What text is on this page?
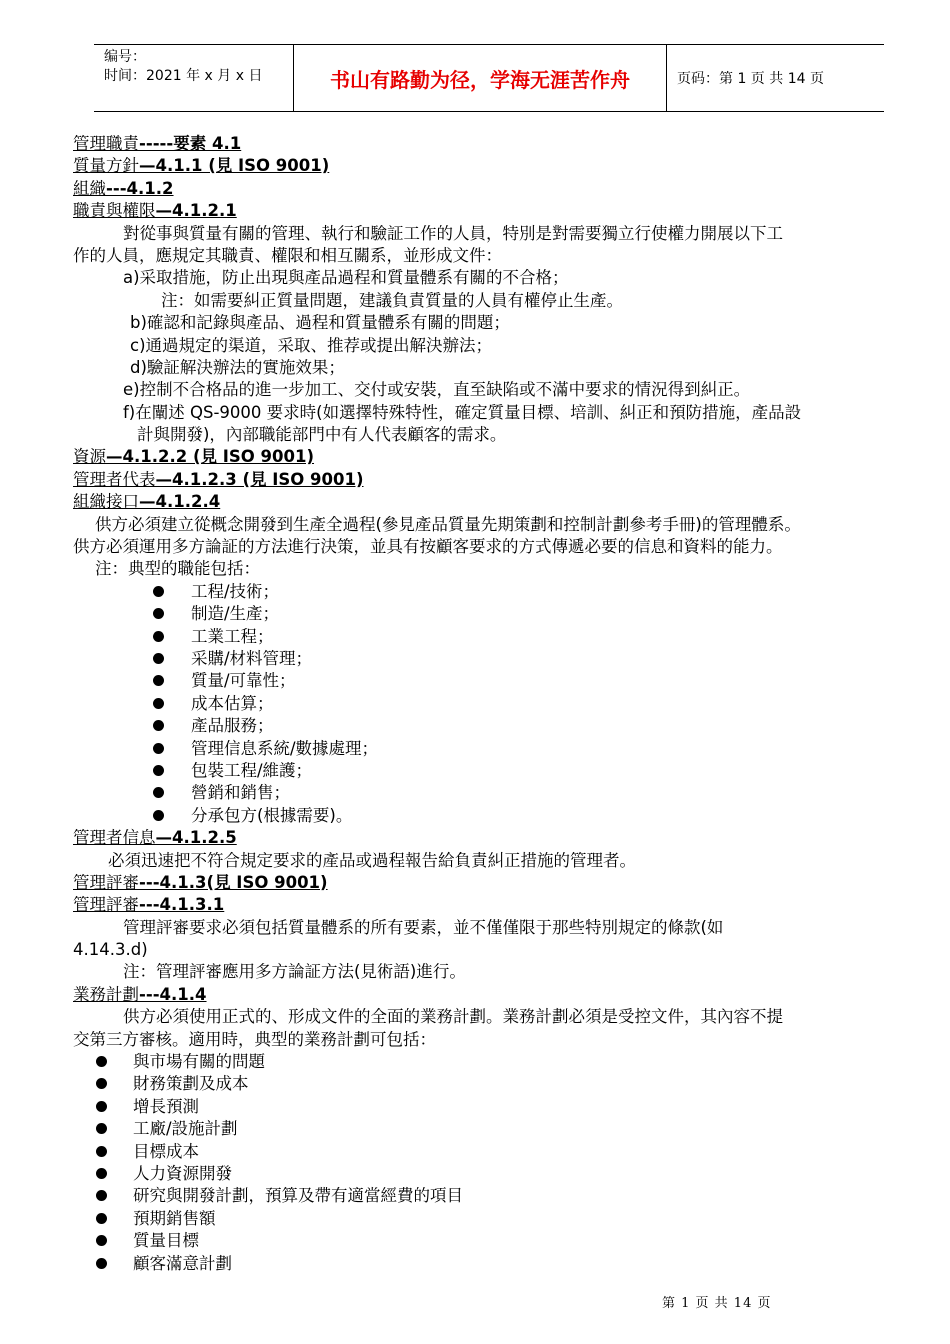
编号：
时间：2021 年 x 月 x 日	书山有路勤为径，学海无涯苦作舟	页码：第 1 页 共 14 页
管理職責-----要素 4.1
質量方針—4.1.1 (見 ISO 9001)
組織---4.1.2
職責與權限—4.1.2.1
對從事與質量有關的管理、執行和驗証工作的人員，特別是對需要獨立行使權力開展以下工
作的人員，應規定其職責、權限和相互關系，並形成文件：
a)采取措施，防止出現與產品過程和質量體系有關的不合格；
注：如需要糾正質量問題，建議負責質量的人員有權停止生產。
b)確認和記錄與產品、過程和質量體系有關的問題；
c)通過規定的渠道，采取、推荐或提出解決辦法；
d)驗証解決辦法的實施效果；
e)控制不合格品的進一步加工、交付或安裝，直至缺陷或不滿中要求的情況得到糾正。
f)在闡述 QS-9000 要求時(如選擇特殊特性，確定質量目標、培訓、糾正和預防措施，產品設
計與開發)，內部職能部門中有人代表顧客的需求。
資源—4.1.2.2 (見 ISO 9001)
管理者代表—4.1.2.3 (見 ISO 9001)
組織接口—4.1.2.4
供方必須建立從概念開發到生產全過程(參見產品質量先期策劃和控制計劃參考手冊)的管理體系。
供方必須運用多方論証的方法進行決策，並具有按顧客要求的方式傳遞必要的信息和資料的能力。
注：典型的職能包括：
工程/技術；
制造/生產；
工業工程；
采購/材料管理；
質量/可靠性；
成本估算；
產品服務；
管理信息系統/數據處理；
包裝工程/維護；
營銷和銷售；
分承包方(根據需要)。
管理者信息—4.1.2.5
必須迅速把不符合規定要求的產品或過程報告給負責糾正措施的管理者。
管理評審---4.1.3(見 ISO 9001)
管理評審---4.1.3.1
管理評審要求必須包括質量體系的所有要素，並不僅僅限于那些特別規定的條款(如
4.14.3.d)
注：管理評審應用多方論証方法(見術語)進行。
業務計劃---4.1.4
供方必須使用正式的、形成文件的全面的業務計劃。業務計劃必須是受控文件，其內容不提
交第三方審核。適用時，典型的業務計劃可包括：
與市場有關的問題
財務策劃及成本
增長預測
工廠/設施計劃
目標成本
人力資源開發
研究與開發計劃，預算及帶有適當經費的項目
預期銷售額
質量目標
顧客滿意計劃
第 1 页 共 14 页
